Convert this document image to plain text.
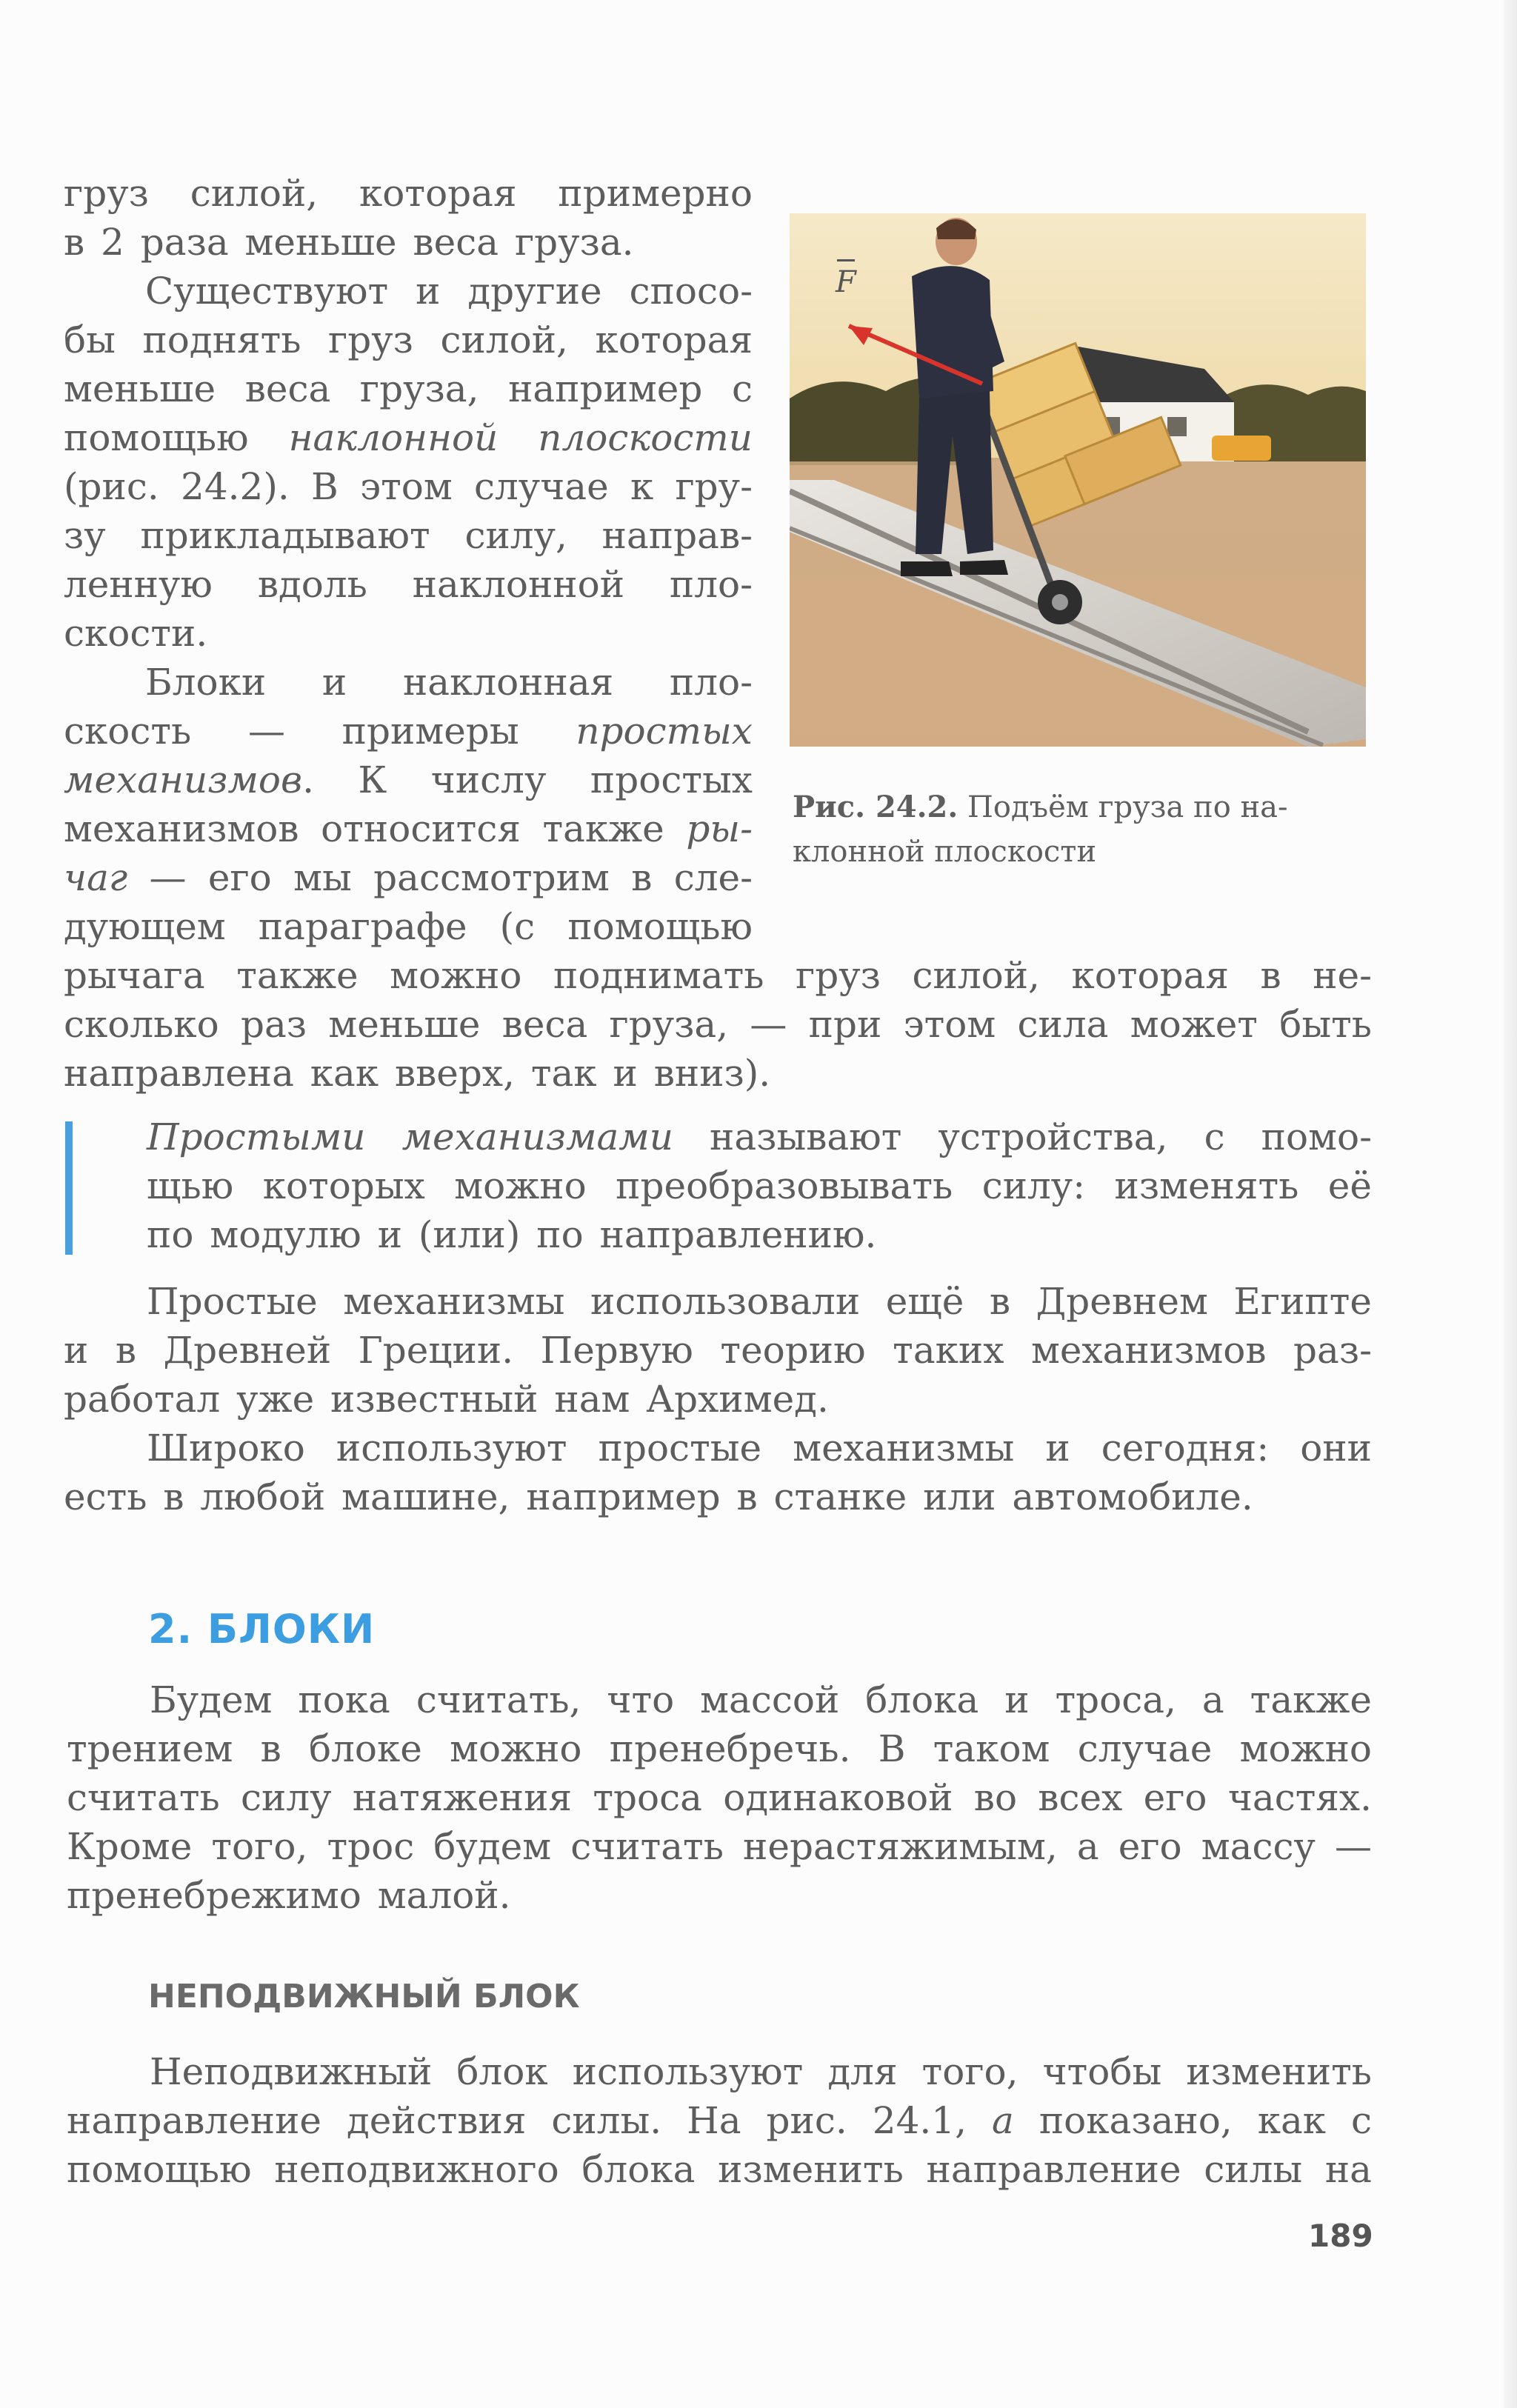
груз силой, которая примерно
в 2 раза меньше веса груза.
Существуют и другие спосо-
бы поднять груз силой, которая
меньше веса груза, например с
помощью наклонной плоскости
(рис. 24.2). В этом случае к гру-
зу прикладывают силу, направ-
ленную вдоль наклонной пло-
скости.
Блоки и наклонная пло-
скость — примеры простых
механизмов. К числу простых
механизмов относится также ры-
чаг — его мы рассмотрим в сле-
дующем параграфе (с помощью
F
Рис. 24.2. Подъём груза по на-
клонной плоскости
рычага также можно поднимать груз силой, которая в не-
сколько раз меньше веса груза, — при этом сила может быть
направлена как вверх, так и вниз).
Простыми механизмами называют устройства, с помо-
щью которых можно преобразовывать силу: изменять её
по модулю и (или) по направлению.
Простые механизмы использовали ещё в Древнем Египте
и в Древней Греции. Первую теорию таких механизмов раз-
работал уже известный нам Архимед.
Широко используют простые механизмы и сегодня: они
есть в любой машине, например в станке или автомобиле.
2. БЛОКИ
Будем пока считать, что массой блока и троса, а также
трением в блоке можно пренебречь. В таком случае можно
считать силу натяжения троса одинаковой во всех его частях.
Кроме того, трос будем считать нерастяжимым, а его массу —
пренебрежимо малой.
НЕПОДВИЖНЫЙ БЛОК
Неподвижный блок используют для того, чтобы изменить
направление действия силы. На рис. 24.1, а показано, как с
помощью неподвижного блока изменить направление силы на
189
